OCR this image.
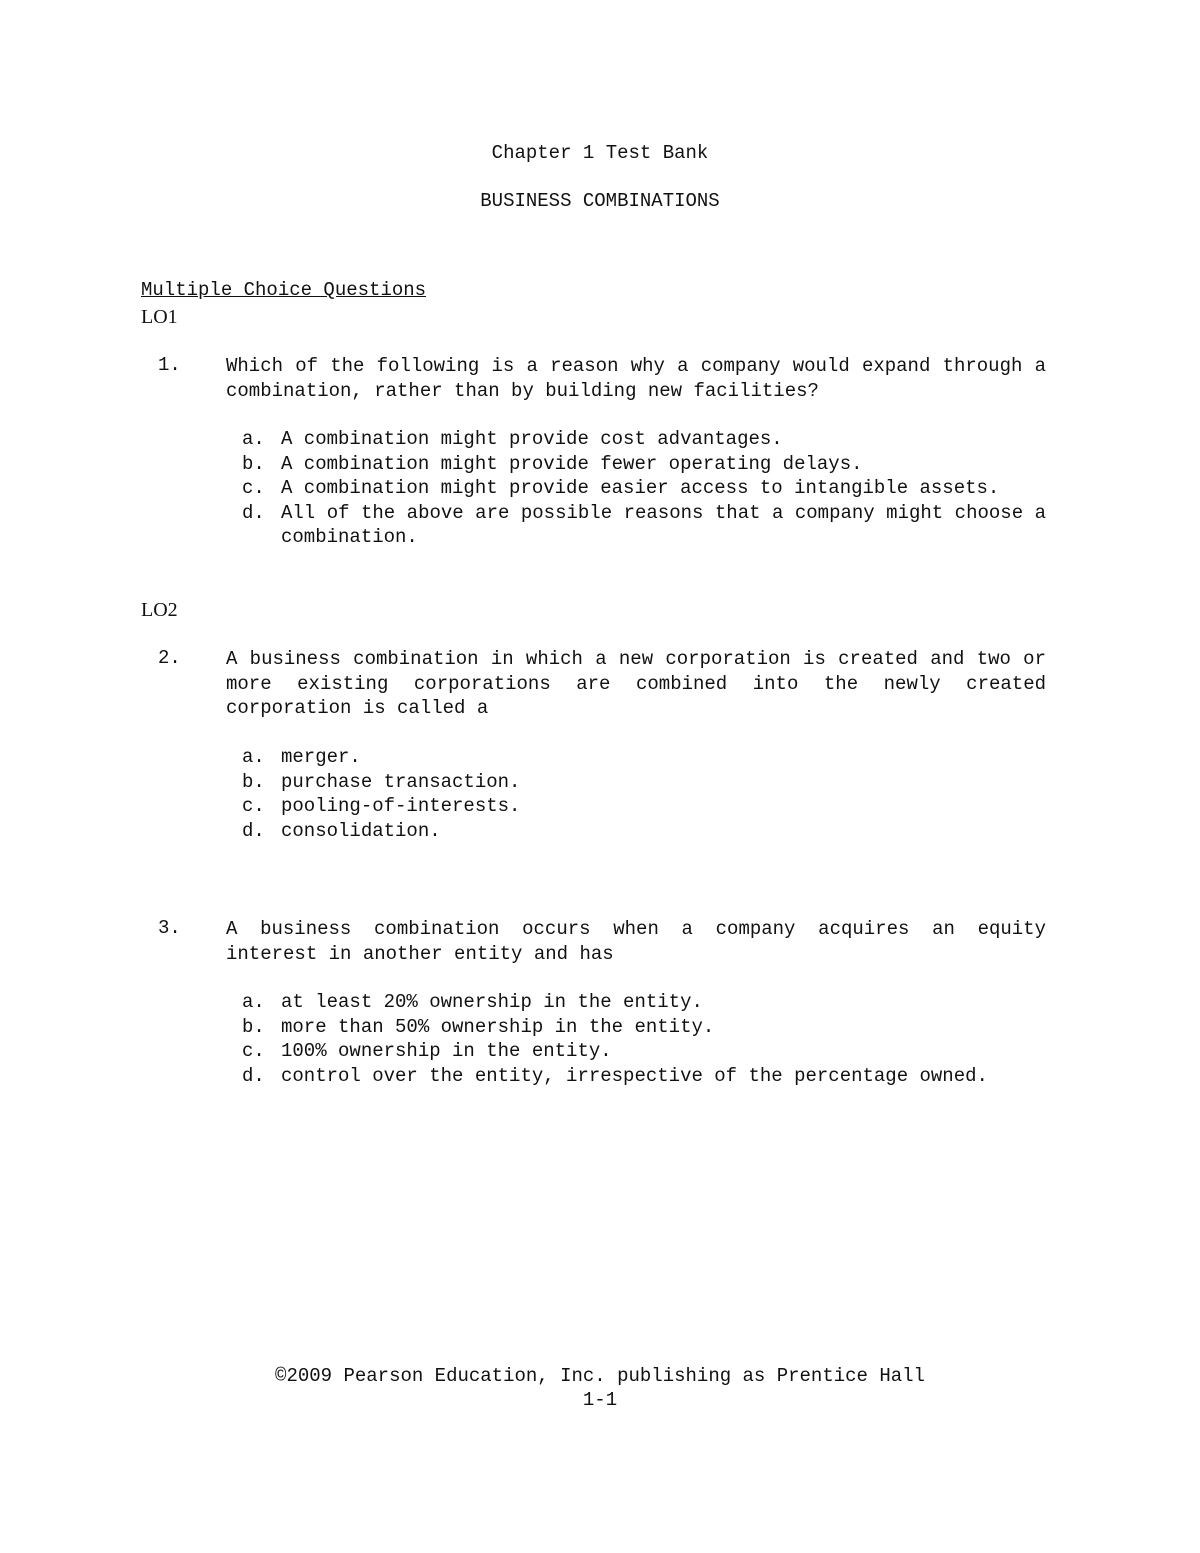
Chapter 1 Test Bank
BUSINESS COMBINATIONS
Multiple Choice Questions
LO1
1. Which of the following is a reason why a company would expand through a combination, rather than by building new facilities?
a. A combination might provide cost advantages.
b. A combination might provide fewer operating delays.
c. A combination might provide easier access to intangible assets.
d. All of the above are possible reasons that a company might choose a combination.
LO2
2. A business combination in which a new corporation is created and two or more existing corporations are combined into the newly created corporation is called a
a. merger.
b. purchase transaction.
c. pooling-of-interests.
d. consolidation.
3. A business combination occurs when a company acquires an equity interest in another entity and has
a. at least 20% ownership in the entity.
b. more than 50% ownership in the entity.
c. 100% ownership in the entity.
d. control over the entity, irrespective of the percentage owned.
©2009 Pearson Education, Inc. publishing as Prentice Hall
1-1
